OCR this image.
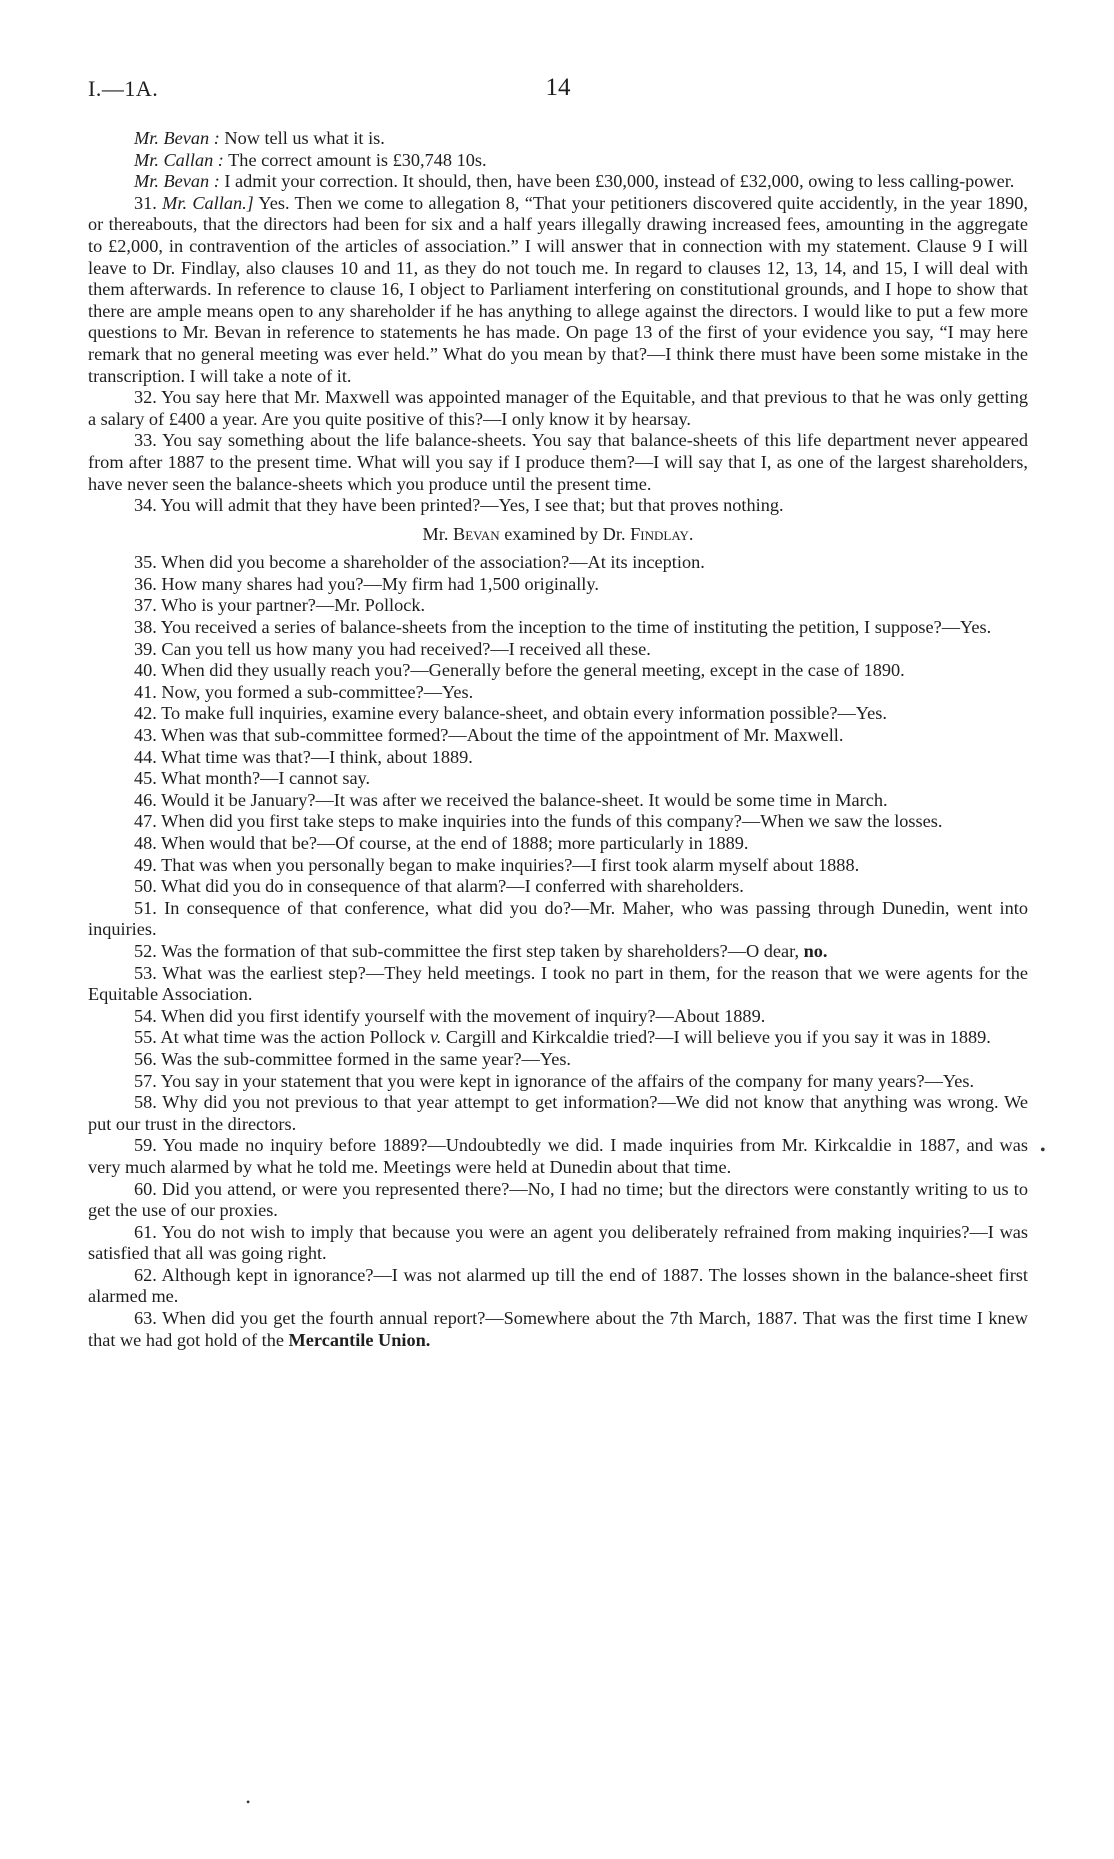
I.—1A.	14

Mr. Bevan : Now tell us what it is.

Mr. Callan : The correct amount is £30,748 10s.

Mr. Bevan : I admit your correction. It should, then, have been £30,000, instead of £32,000, owing to less calling-power.

31. Mr. Callan.] Yes. Then we come to allegation 8, “That your petitioners discovered quite accidently, in the year 1890, or thereabouts, that the directors had been for six and a half years illegally drawing increased fees, amounting in the aggregate to £2,000, in contravention of the articles of association.” I will answer that in connection with my statement. Clause 9 I will leave to Dr. Findlay, also clauses 10 and 11, as they do not touch me. In regard to clauses 12, 13, 14, and 15, I will deal with them afterwards. In reference to clause 16, I object to Parliament interfering on constitutional grounds, and I hope to show that there are ample means open to any shareholder if he has anything to allege against the directors. I would like to put a few more questions to Mr. Bevan in reference to statements he has made. On page 13 of the first of your evidence you say, “I may here remark that no general meeting was ever held.” What do you mean by that?—I think there must have been some mistake in the transcription. I will take a note of it.

32. You say here that Mr. Maxwell was appointed manager of the Equitable, and that previous to that he was only getting a salary of £400 a year. Are you quite positive of this?—I only know it by hearsay.

33. You say something about the life balance-sheets. You say that balance-sheets of this life department never appeared from after 1887 to the present time. What will you say if I produce them?—I will say that I, as one of the largest shareholders, have never seen the balance-sheets which you produce until the present time.

34. You will admit that they have been printed?—Yes, I see that; but that proves nothing.

Mr. Bevan examined by Dr. Findlay.

35. When did you become a shareholder of the association?—At its inception.

36. How many shares had you?—My firm had 1,500 originally.

37. Who is your partner?—Mr. Pollock.

38. You received a series of balance-sheets from the inception to the time of instituting the petition, I suppose?—Yes.

39. Can you tell us how many you had received?—I received all these.

40. When did they usually reach you?—Generally before the general meeting, except in the case of 1890.

41. Now, you formed a sub-committee?—Yes.

42. To make full inquiries, examine every balance-sheet, and obtain every information possible?—Yes.

43. When was that sub-committee formed?—About the time of the appointment of Mr. Maxwell.

44. What time was that?—I think, about 1889.

45. What month?—I cannot say.

46. Would it be January?—It was after we received the balance-sheet. It would be some time in March.

47. When did you first take steps to make inquiries into the funds of this company?—When we saw the losses.

48. When would that be?—Of course, at the end of 1888; more particularly in 1889.

49. That was when you personally began to make inquiries?—I first took alarm myself about 1888.

50. What did you do in consequence of that alarm?—I conferred with shareholders.

51. In consequence of that conference, what did you do?—Mr. Maher, who was passing through Dunedin, went into inquiries.

52. Was the formation of that sub-committee the first step taken by shareholders?—O dear, no.

53. What was the earliest step?—They held meetings. I took no part in them, for the reason that we were agents for the Equitable Association.

54. When did you first identify yourself with the movement of inquiry?—About 1889.

55. At what time was the action Pollock v. Cargill and Kirkcaldie tried?—I will believe you if you say it was in 1889.

56. Was the sub-committee formed in the same year?—Yes.

57. You say in your statement that you were kept in ignorance of the affairs of the company for many years?—Yes.

58. Why did you not previous to that year attempt to get information?—We did not know that anything was wrong. We put our trust in the directors.

59. You made no inquiry before 1889?—Undoubtedly we did. I made inquiries from Mr. Kirkcaldie in 1887, and was very much alarmed by what he told me. Meetings were held at Dunedin about that time.

60. Did you attend, or were you represented there?—No, I had no time; but the directors were constantly writing to us to get the use of our proxies.

61. You do not wish to imply that because you were an agent you deliberately refrained from making inquiries?—I was satisfied that all was going right.

62. Although kept in ignorance?—I was not alarmed up till the end of 1887. The losses shown in the balance-sheet first alarmed me.

63. When did you get the fourth annual report?—Somewhere about the 7th March, 1887. That was the first time I knew that we had got hold of the Mercantile Union.

•
•
